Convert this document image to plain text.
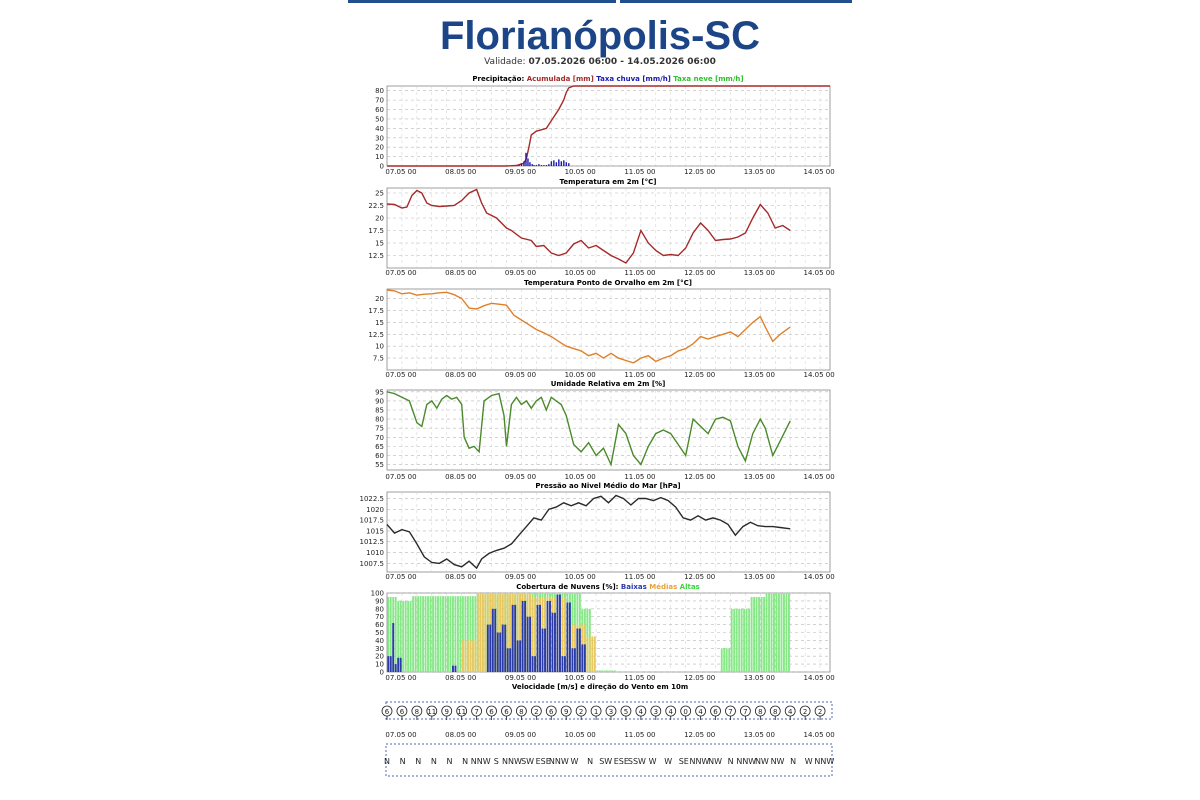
Florianópolis-SC
Validade: 07.05.2026 06:00 - 14.05.2026 06:00
Precipitação: Acumulada [mm] Taxa chuva [mm/h] Taxa neve [mm/h]
0
10
20
30
40
50
60
70
80
07.05 00	08.05 00	09.05 00	10.05 00	11.05 00	12.05 00	13.05 00	14.05 00
Temperatura em 2m [°C]
12.5
15
17.5
20
22.5
25
07.05 00	08.05 00	09.05 00	10.05 00	11.05 00	12.05 00	13.05 00	14.05 00
Temperatura Ponto de Orvalho em 2m [°C]
7.5
10
12.5
15
17.5
20
07.05 00	08.05 00	09.05 00	10.05 00	11.05 00	12.05 00	13.05 00	14.05 00
Umidade Relativa em 2m [%]
55
60
65
70
75
80
85
90
95
07.05 00	08.05 00	09.05 00	10.05 00	11.05 00	12.05 00	13.05 00	14.05 00
Pressão ao Nivel Médio do Mar [hPa]
1007.5
1010
1012.5
1015
1017.5
1020
1022.5
07.05 00	08.05 00	09.05 00	10.05 00	11.05 00	12.05 00	13.05 00	14.05 00
Cobertura de Nuvens [%]: Baixas Médias Altas
0
10
20
30
40
50
60
70
80
90
100
07.05 00	08.05 00	09.05 00	10.05 00	11.05 00	12.05 00	13.05 00	14.05 00
Velocidade [m/s] e direção do Vento em 10m
6 6 8 11 9 11 7 6 6 8 2 6 9 2 1 3 5 4 3 4 0 4 6 7 7 8 8 4 2 2
07.05 00	08.05 00	09.05 00	10.05 00	11.05 00	12.05 00	13.05 00	14.05 00
N N N N N N NNW S NNW SW ESE
NNW W N SW ESE
SSW W W SE NNW
NW N NNW
NW NW N W NNW
